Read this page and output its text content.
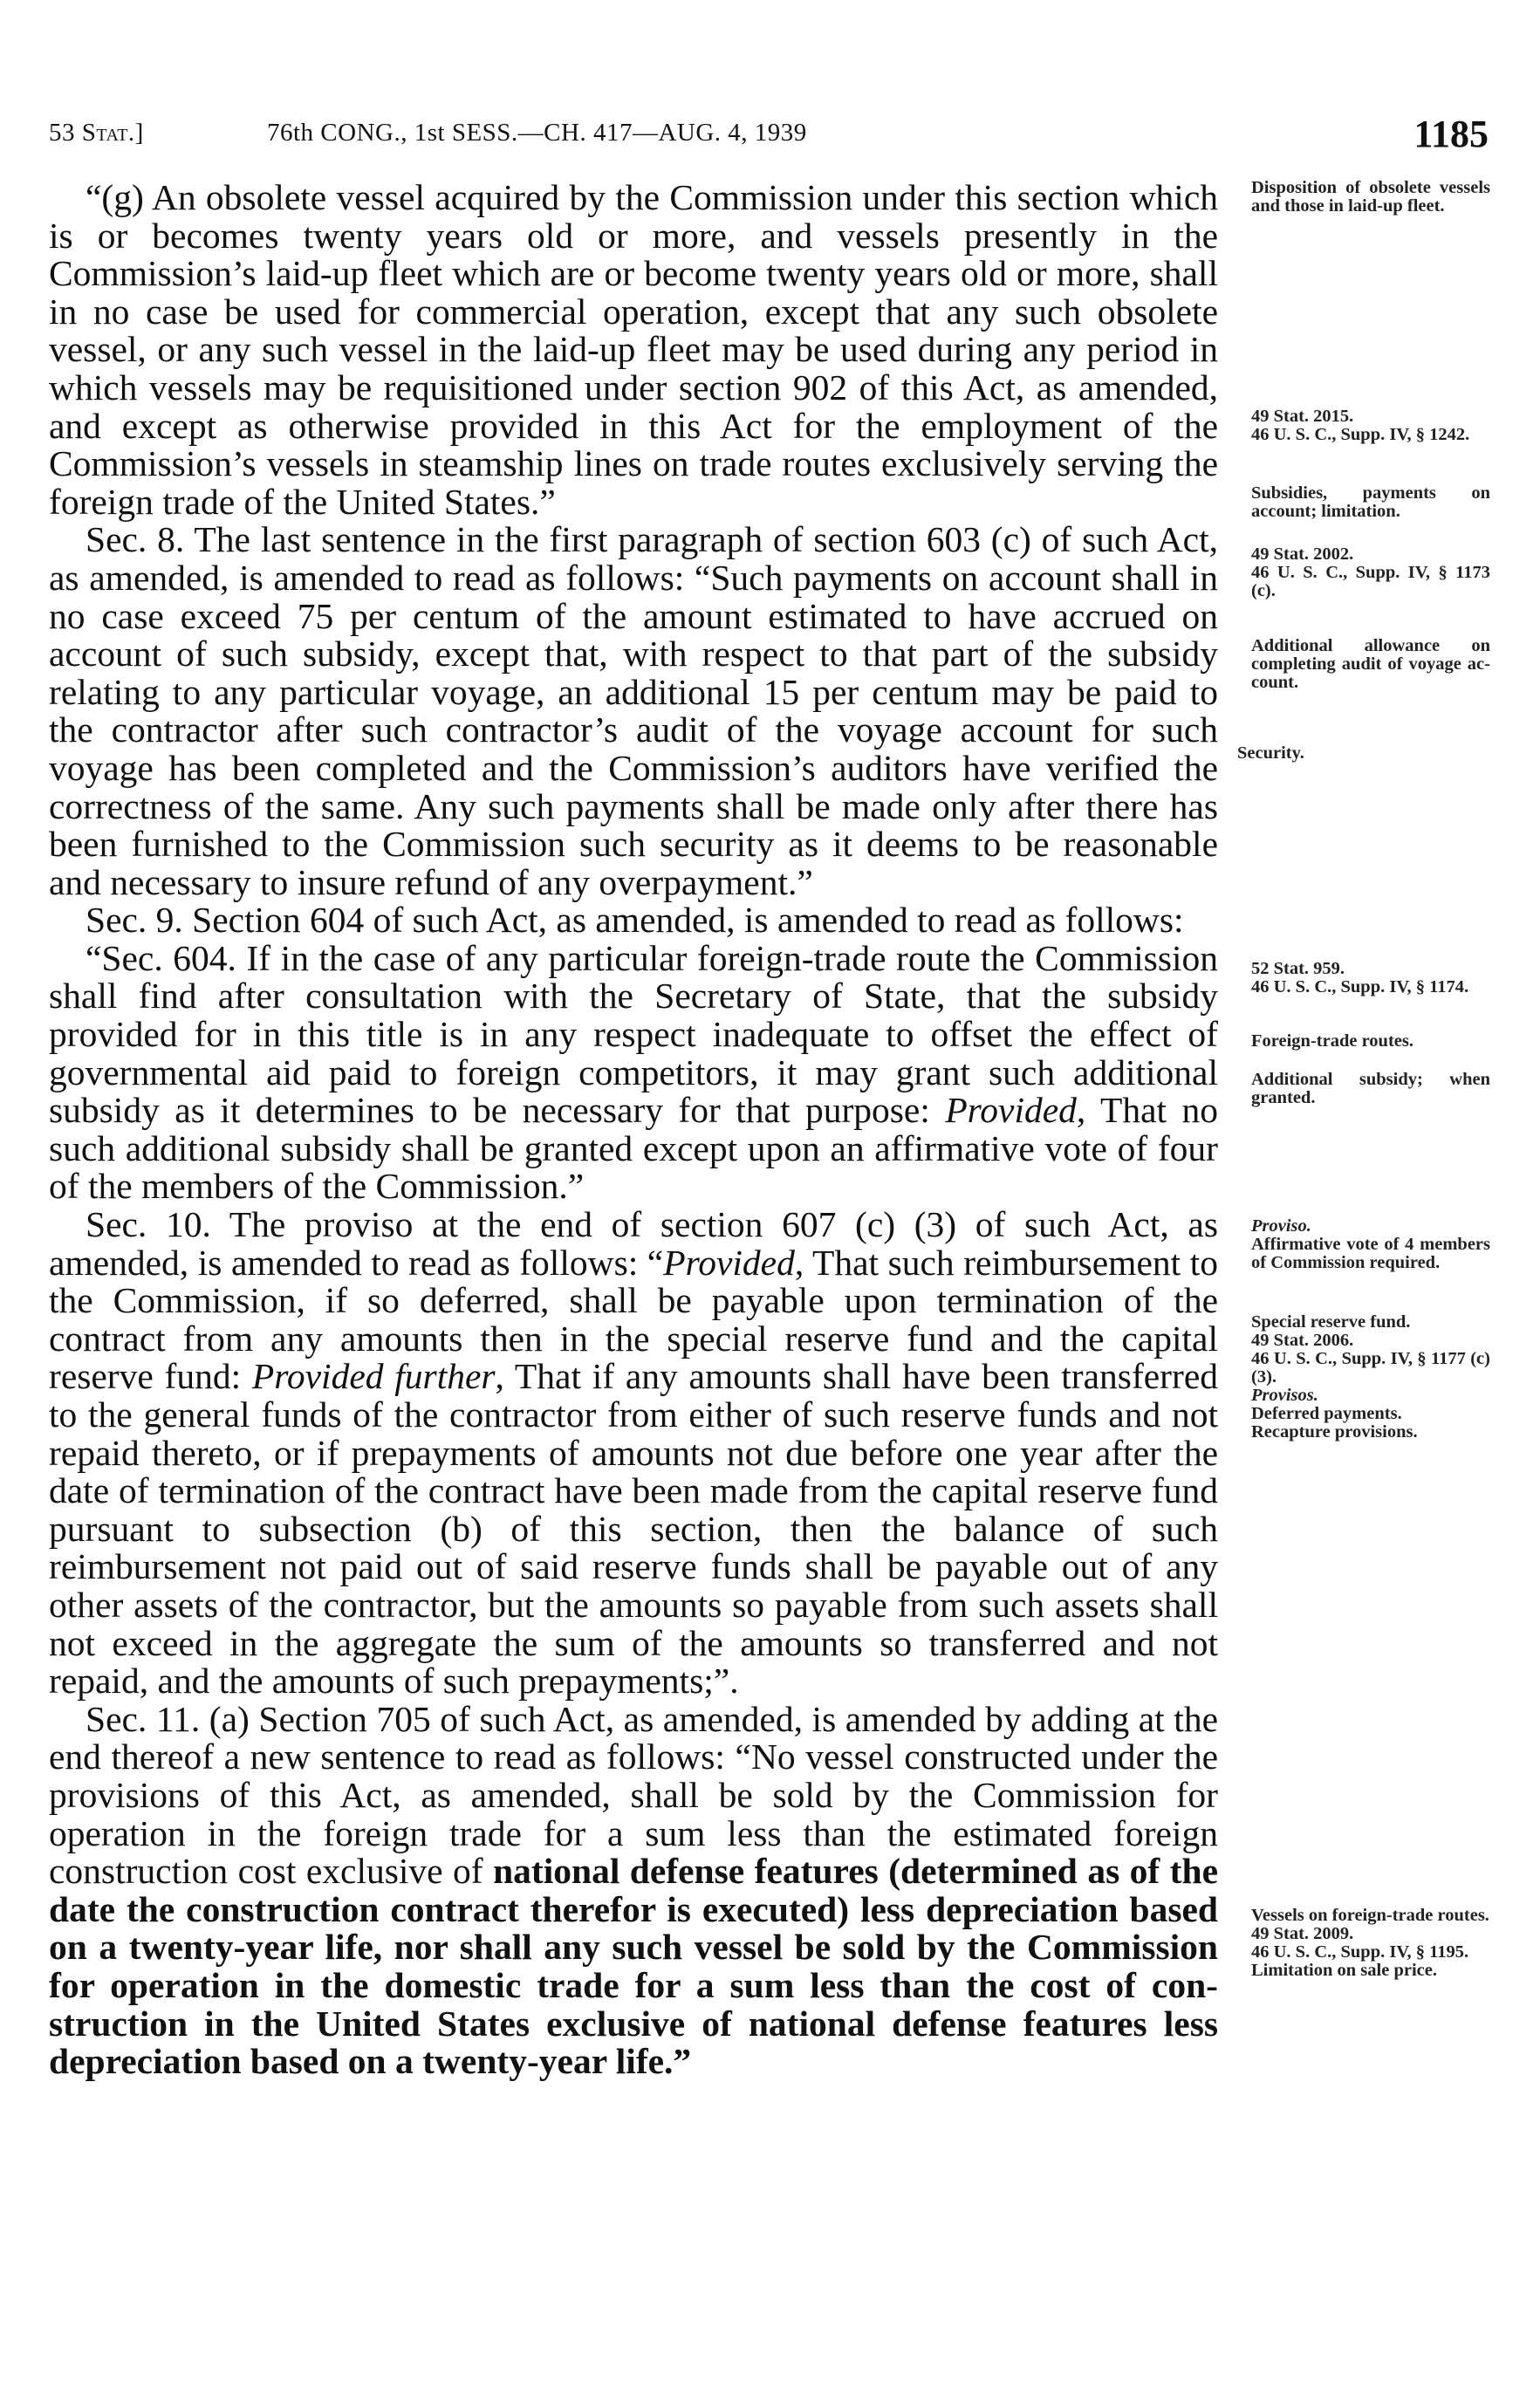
53 Stat.]	76th CONG., 1st SESS.—CH. 417—AUG. 4, 1939	1185

“(g) An obsolete vessel acquired by the Commission under this section which is or becomes twenty years old or more, and vessels presently in the Commission’s laid-up fleet which are or become twenty years old or more, shall in no case be used for commercial operation, except that any such obsolete vessel, or any such vessel in the laid-up fleet may be used during any period in which vessels may be requisitioned under section 902 of this Act, as amended, and except as otherwise provided in this Act for the employment of the Commission’s vessels in steamship lines on trade routes exclusively serving the foreign trade of the United States.”

Sec. 8. The last sentence in the first paragraph of section 603 (c) of such Act, as amended, is amended to read as follows: “Such payments on account shall in no case exceed 75 per centum of the amount estimated to have accrued on account of such subsidy, except that, with respect to that part of the subsidy relating to any particular voyage, an additional 15 per centum may be paid to the contractor after such contractor’s audit of the voyage account for such voyage has been completed and the Commission’s auditors have verified the correctness of the same. Any such payments shall be made only after there has been furnished to the Commission such security as it deems to be reasonable and necessary to insure refund of any overpayment.”

Sec. 9. Section 604 of such Act, as amended, is amended to read as follows:

“Sec. 604. If in the case of any particular foreign-trade route the Commission shall find after consultation with the Secretary of State, that the subsidy provided for in this title is in any respect inadequate to offset the effect of governmental aid paid to foreign competitors, it may grant such additional subsidy as it determines to be necessary for that purpose: Provided, That no such additional subsidy shall be granted except upon an affirmative vote of four of the members of the Commission.”

Sec. 10. The proviso at the end of section 607 (c) (3) of such Act, as amended, is amended to read as follows: “Provided, That such reimbursement to the Commission, if so deferred, shall be payable upon termination of the contract from any amounts then in the special reserve fund and the capital reserve fund: Provided further, That if any amounts shall have been transferred to the general funds of the contractor from either of such reserve funds and not repaid thereto, or if prepayments of amounts not due before one year after the date of termination of the contract have been made from the capital reserve fund pursuant to subsection (b) of this section, then the balance of such reimbursement not paid out of said reserve funds shall be payable out of any other assets of the contractor, but the amounts so payable from such assets shall not exceed in the aggregate the sum of the amounts so transferred and not repaid, and the amounts of such prepayments;”.

Sec. 11. (a) Section 705 of such Act, as amended, is amended by adding at the end thereof a new sentence to read as follows: “No vessel constructed under the provisions of this Act, as amended, shall be sold by the Commission for operation in the foreign trade for a sum less than the estimated foreign construction cost exclusive of national defense features (determined as of the date the construction contract therefor is executed) less depreciation based on a twenty-year life, nor shall any such vessel be sold by the Commission for operation in the domestic trade for a sum less than the cost of construction in the United States exclusive of national defense features less depreciation based on a twenty-year life.”

Disposition of obsolete vessels and those in laid-up fleet.
49 Stat. 2015.
46 U. S. C., Supp. IV, § 1242.
Subsidies, payments on account; limitation.
49 Stat. 2002.
46 U. S. C., Supp. IV, § 1173 (c).
Additional allowance on completing audit of voyage account.
Security.
52 Stat. 959.
46 U. S. C., Supp. IV, § 1174.
Foreign-trade routes.
Additional subsidy; when granted.
Proviso.
Affirmative vote of 4 members of Commission required.
Special reserve fund.
49 Stat. 2006.
46 U. S. C., Supp. IV, § 1177 (c) (3).
Provisos.
Deferred payments.
Recapture provisions.
Vessels on foreign-trade routes.
49 Stat. 2009.
46 U. S. C., Supp. IV, § 1195.
Limitation on sale price.
